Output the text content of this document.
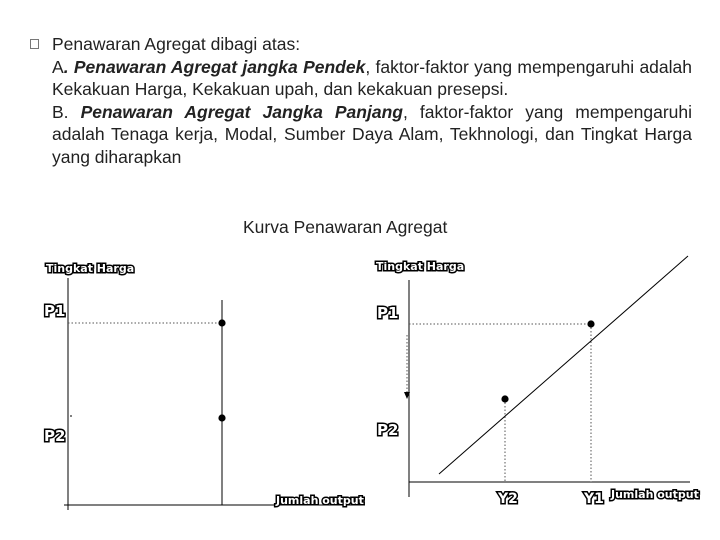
Penawaran Agregat dibagi atas:

A. Penawaran Agregat jangka Pendek, faktor-faktor yang mempengaruhi adalah Kekakuan Harga, Kekakuan upah, dan kekakuan presepsi.

B. Penawaran Agregat Jangka Panjang, faktor-faktor yang mempengaruhi adalah Tenaga kerja, Modal, Sumber Daya Alam, Tekhnologi, dan Tingkat Harga yang diharapkan

Kurva Penawaran Agregat
Tingkat Harga
Jumlah output
P1
P2
Tingkat Harga
P1
P2
Y2	Y1 Jumlah output
